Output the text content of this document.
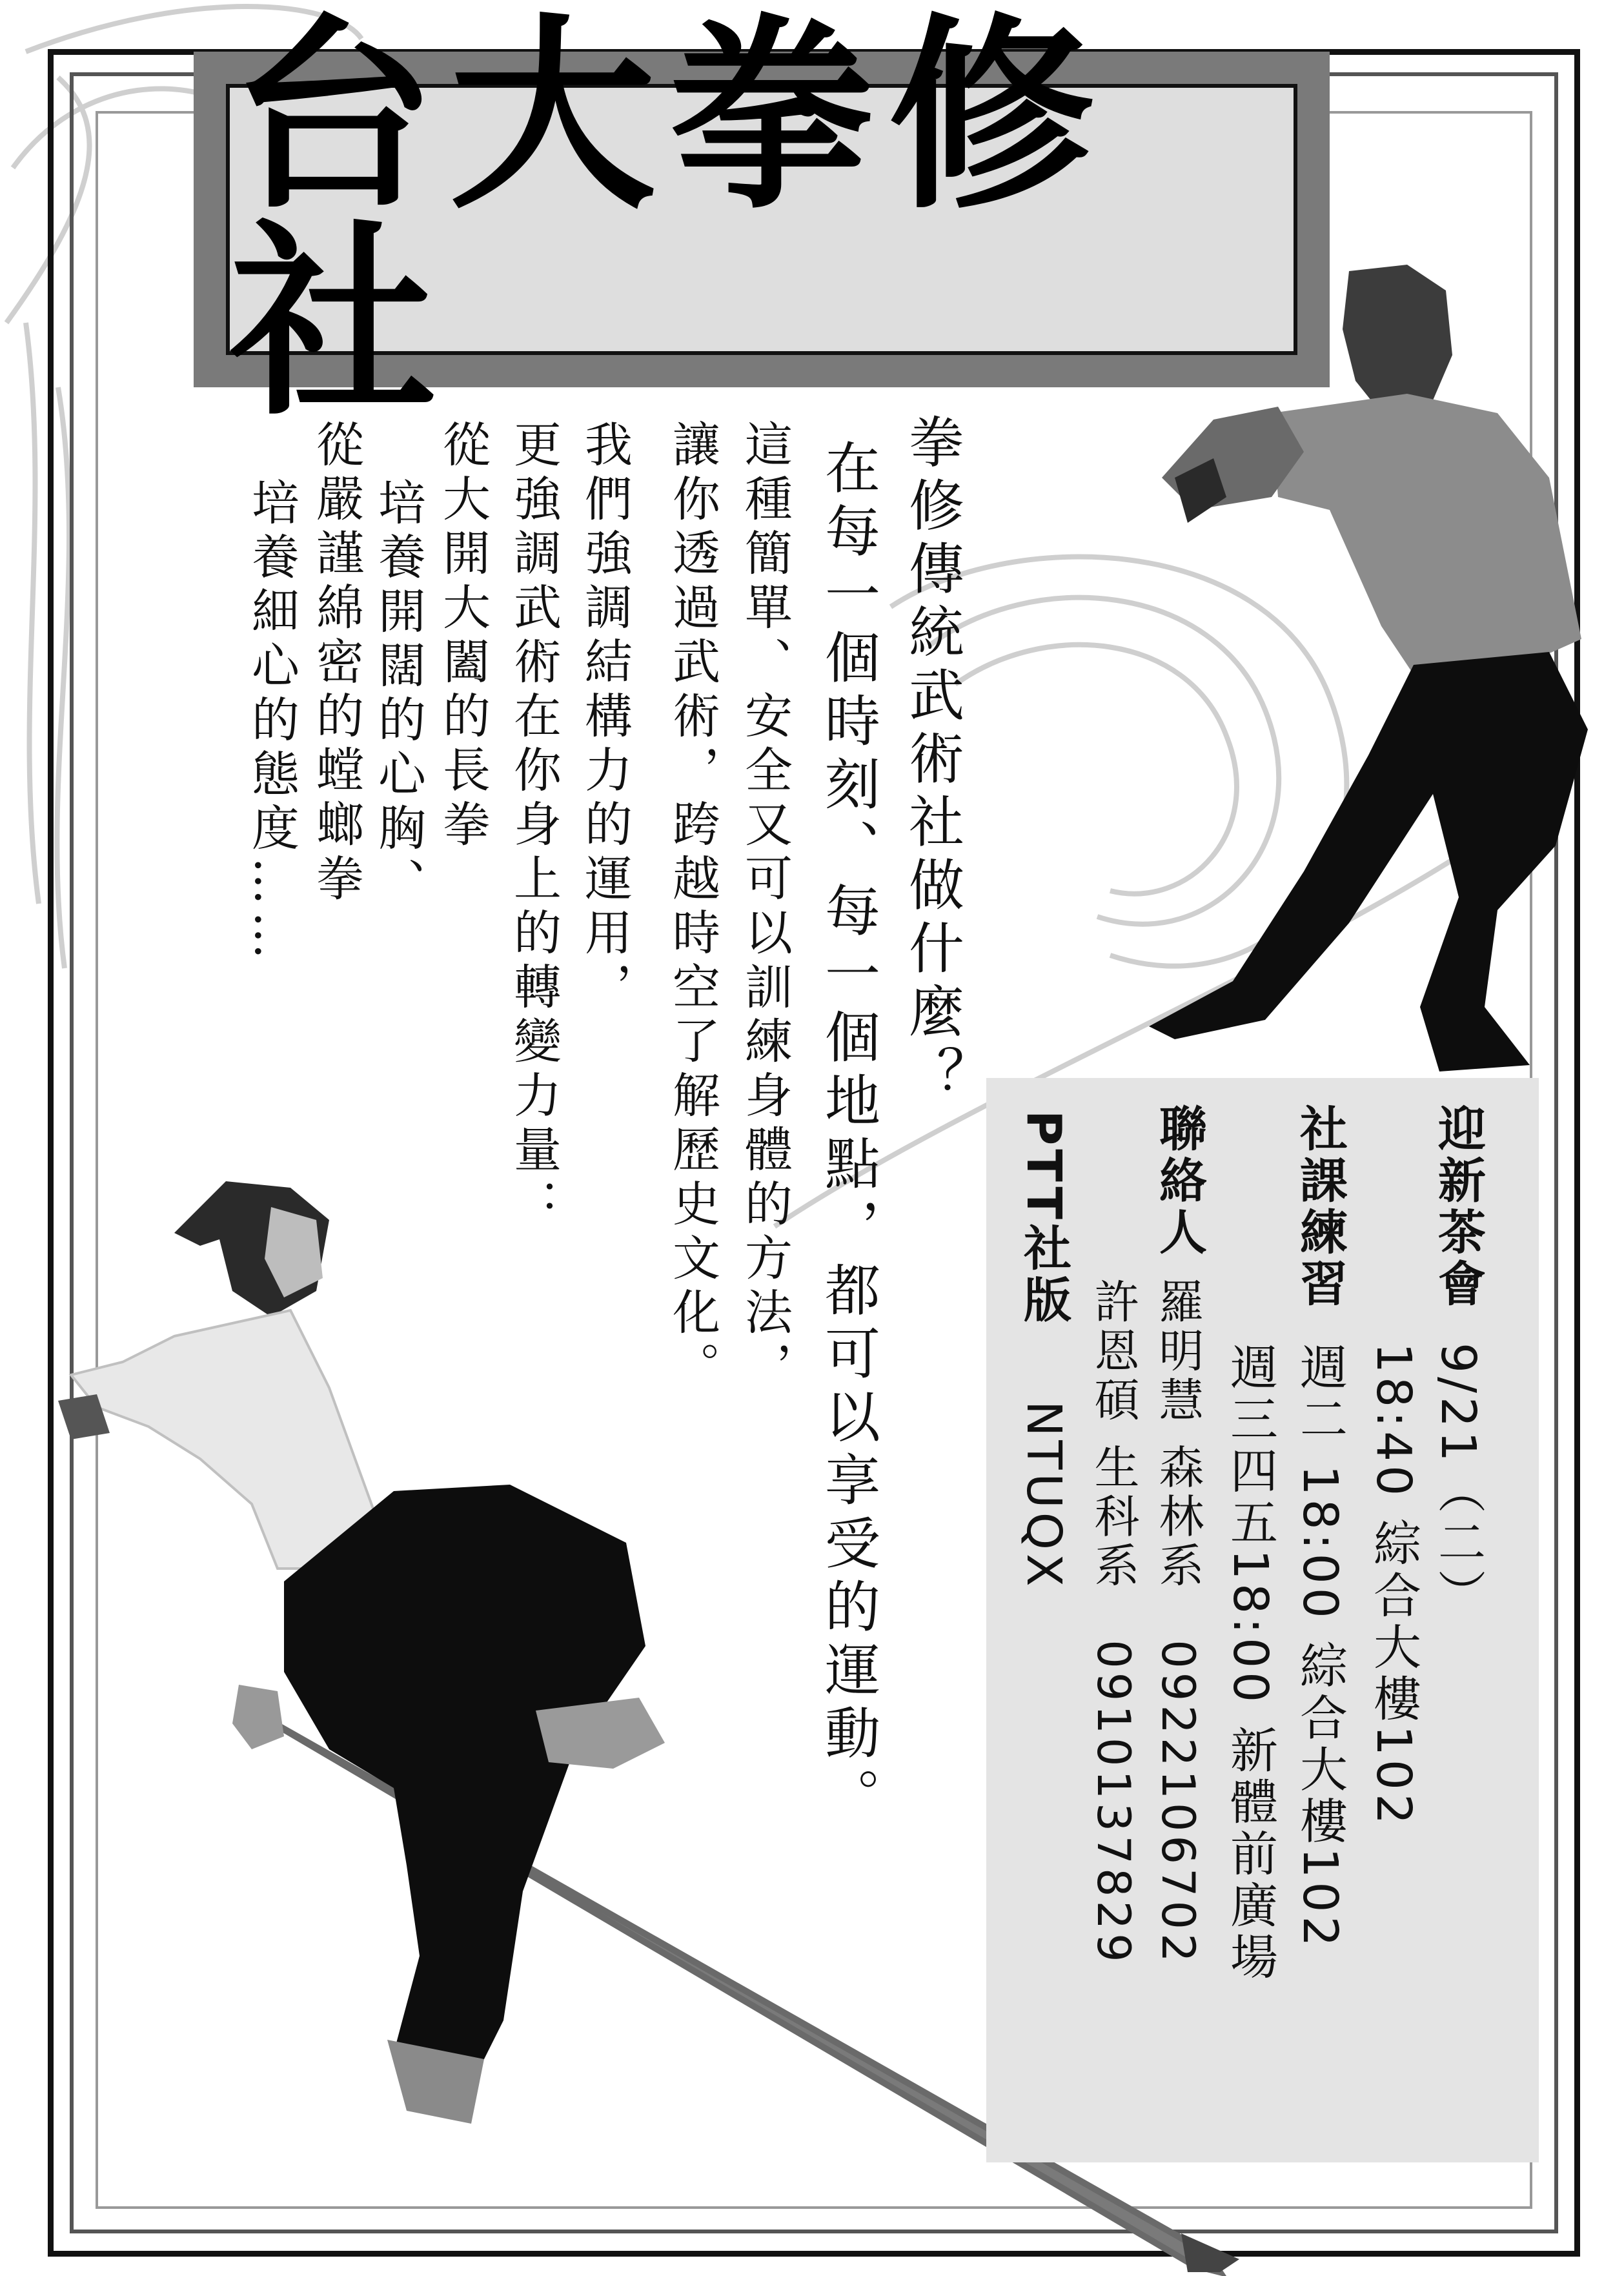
台大拳修社
拳修傳統武術社做什麼？
在每一個時刻、每一個地點，都可以享受的運動。
這種簡單、安全又可以訓練身體的方法，
讓你透過武術，跨越時空了解歷史文化。
我們強調結構力的運用，
更強調武術在你身上的轉變力量：
從大開大闔的長拳
培養開闊的心胸、
從嚴謹綿密的螳螂拳
培養細心的態度……
迎新茶會
9/21（二）
18:40 綜合大樓102
社課練習
週二 18:00 綜合大樓102
週三四五18:00 新體前廣場
聯絡人
羅明慧 森林系　0922106702
許恩碩 生科系　0910137829
PTT社版
NTUQX
